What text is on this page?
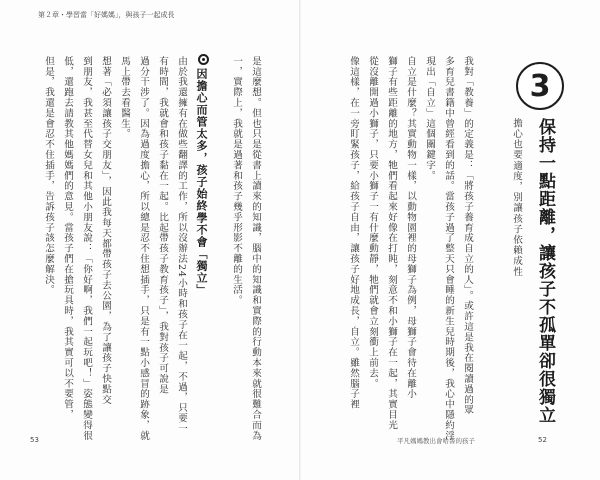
第２章・學習當「好媽媽」，與孩子一起成長
是這麼想。但也只是從書上讀來的知識，腦中的知識和實際的行動本來就很難合而為
一，實際上，我就是過著和孩子幾乎形影不離的生活。
因擔心而管太多，孩子始終學不會「獨立」
由於我還擁有在做些翻譯的工作，所以沒辦法24小時和孩子在一起，不過，只要一
有時間，我就會和孩子黏在一起。比起帶孩子教育孩子」，我對孩子可說是
過分干涉了。因為過度擔心，所以總是忍不住想插手，只是有一點小感冒的跡象，就
馬上帶去看醫生。
想著「必須讓孩子交朋友」，因此我每天都帶孩子去公園，為了讓孩子快點交
到朋友，我甚至代替女兒和其他小朋友說：「你好啊，我們一起玩吧！」姿態變得很
低，還跑去請教其他媽媽們的意見。當孩子們在搶玩具時，我其實可以不要管，
但是，我還是會忍不住插手，告訴孩子該怎麼解決。
53
3
保持一點距離，讓孩子不孤單卻很獨立
擔心也要適度，別讓孩子依賴成性
我對「教養」的定義是：「將孩子養育成自立的人」。或許這是我在閱讀過的眾
多育兒書籍中曾經看到的話。當孩子過了整天只會睡的新生兒時期後，我心中隱約浮
現出「自立」這個關鍵字。
自立是什麼？其實動物一樣，以動物園裡的母獅子為例，母獅子會待在離小
獅子有些距離的地方，牠們看起來好像在打盹，刻意不和小獅子在一起，其實目光
從沒離開過小獅子，只要小獅子一有什麼動靜，牠們就會立刻衝上前去。
像這樣，在一旁盯緊孩子，給孩子自由，讓孩子好地成長，自立。雖然腦子裡
平凡媽媽教出會哈書的孩子	52
